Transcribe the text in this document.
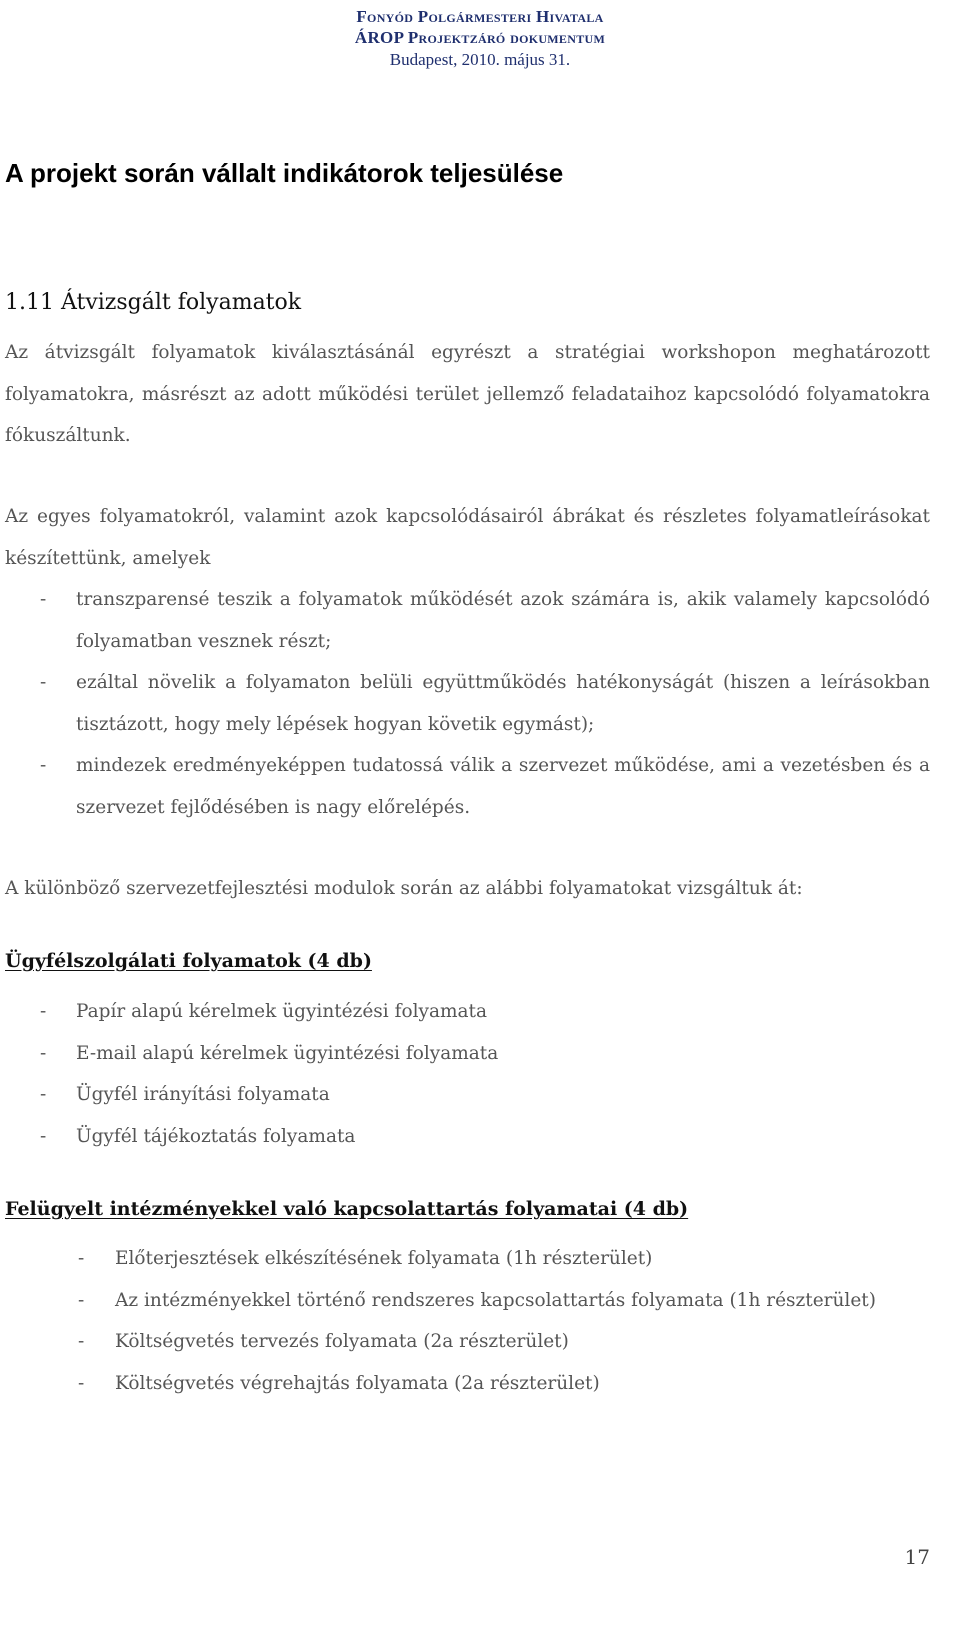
Fonyód Polgármesteri Hivatala
ÁROP Projektzáró dokumentum
Budapest, 2010. május 31.
A projekt során vállalt indikátorok teljesülése
1.11 Átvizsgált folyamatok
Az átvizsgált folyamatok kiválasztásánál egyrészt a stratégiai workshopon meghatározott folyamatokra, másrészt az adott működési terület jellemző feladataihoz kapcsolódó folyamatokra fókuszáltunk.
Az egyes folyamatokról, valamint azok kapcsolódásairól ábrákat és részletes folyamatleírásokat készítettünk, amelyek
- transzparensé teszik a folyamatok működését azok számára is, akik valamely kapcsolódó folyamatban vesznek részt;
- ezáltal növelik a folyamaton belüli együttműködés hatékonyságát (hiszen a leírásokban tisztázott, hogy mely lépések hogyan követik egymást);
- mindezek eredményeképpen tudatossá válik a szervezet működése, ami a vezetésben és a szervezet fejlődésében is nagy előrelépés.
A különböző szervezetfejlesztési modulok során az alábbi folyamatokat vizsgáltuk át:
Ügyfélszolgálati folyamatok (4 db)
- Papír alapú kérelmek ügyintézési folyamata
- E-mail alapú kérelmek ügyintézési folyamata
- Ügyfél irányítási folyamata
- Ügyfél tájékoztatás folyamata
Felügyelt intézményekkel való kapcsolattartás folyamatai (4 db)
- Előterjesztések elkészítésének folyamata (1h részterület)
- Az intézményekkel történő rendszeres kapcsolattartás folyamata (1h részterület)
- Költségvetés tervezés folyamata (2a részterület)
- Költségvetés végrehajtás folyamata (2a részterület)
17
